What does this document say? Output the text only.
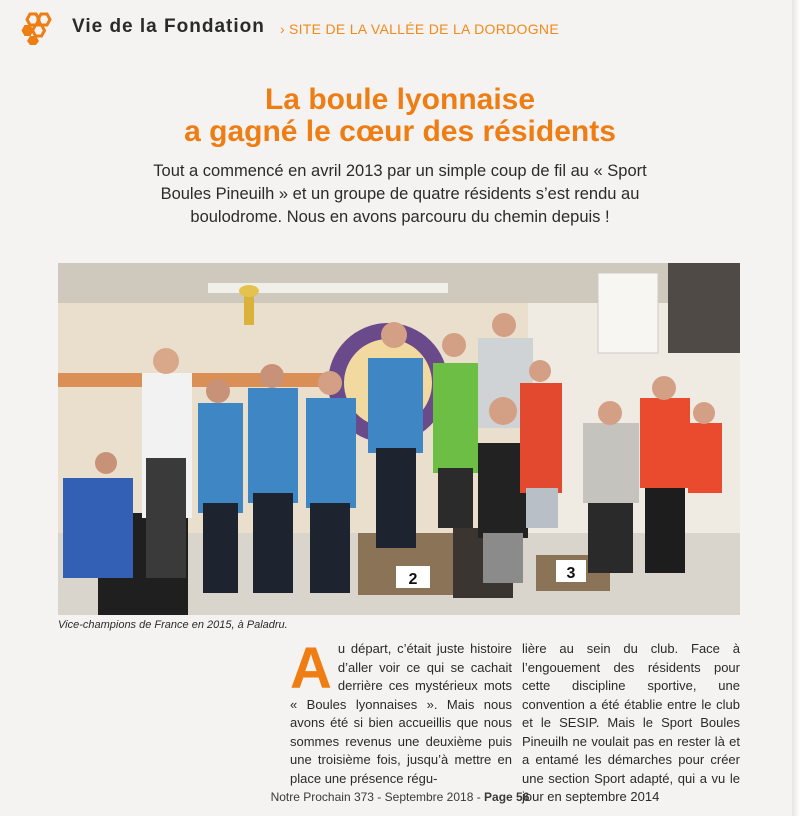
Vie de la Fondation › SITE DE LA VALLÉE DE LA DORDOGNE
La boule lyonnaise
a gagné le cœur des résidents
Tout a commencé en avril 2013 par un simple coup de fil au « Sport Boules Pineuilh » et un groupe de quatre résidents s’est rendu au boulodrome. Nous en avons parcouru du chemin depuis !
2	3
Vice-champions de France en 2015, à Paladru.
Au départ, c’était juste histoire d’aller voir ce qui se cachait derrière ces mystérieux mots « Boules lyonnaises ». Mais nous avons été si bien accueillis que nous sommes revenus une deuxième puis une troisième fois, jusqu’à mettre en place une présence régu-
lière au sein du club. Face à l’engouement des résidents pour cette discipline sportive, une convention a été établie entre le club et le SESIP. Mais le Sport Boules Pineuilh ne voulait pas en rester là et a entamé les démarches pour créer une section Sport adapté, qui a vu le jour en septembre 2014
Notre Prochain 373 - Septembre 2018 - Page 56
